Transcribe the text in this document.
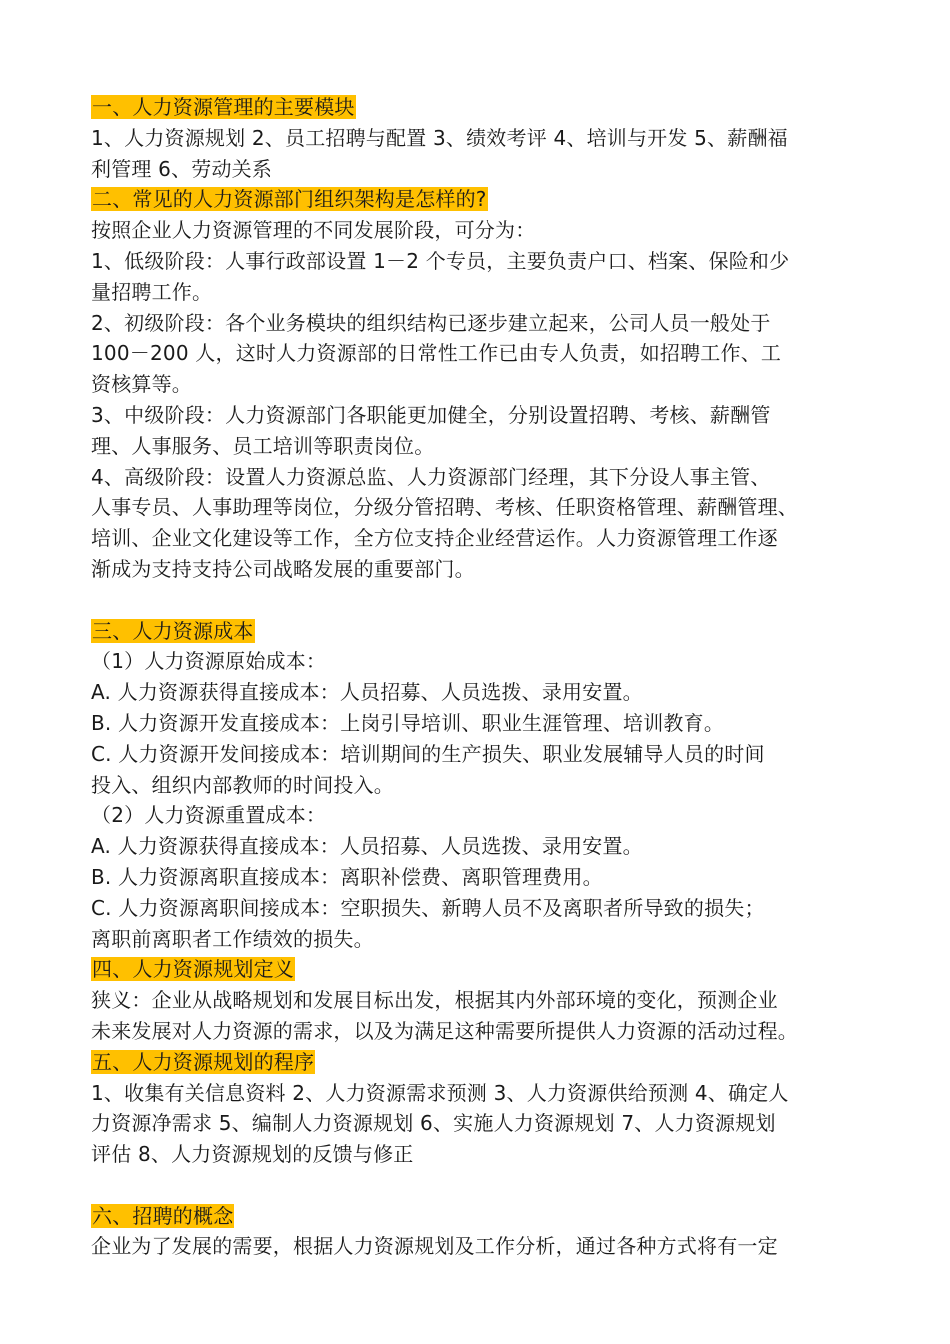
一、人力资源管理的主要模块
1、人力资源规划 2、员工招聘与配置 3、绩效考评 4、培训与开发 5、薪酬福
利管理 6、劳动关系
二、常见的人力资源部门组织架构是怎样的?
按照企业人力资源管理的不同发展阶段，可分为：
1、低级阶段：人事行政部设置 1－2 个专员，主要负责户口、档案、保险和少
量招聘工作。
2、初级阶段：各个业务模块的组织结构已逐步建立起来，公司人员一般处于
100－200 人，这时人力资源部的日常性工作已由专人负责，如招聘工作、工
资核算等。
3、中级阶段：人力资源部门各职能更加健全，分别设置招聘、考核、薪酬管
理、人事服务、员工培训等职责岗位。
4、高级阶段：设置人力资源总监、人力资源部门经理，其下分设人事主管、
人事专员、人事助理等岗位，分级分管招聘、考核、任职资格管理、薪酬管理、
培训、企业文化建设等工作，全方位支持企业经营运作。人力资源管理工作逐
渐成为支持支持公司战略发展的重要部门。
三、人力资源成本
（1）人力资源原始成本：
A. 人力资源获得直接成本：人员招募、人员选拨、录用安置。
B. 人力资源开发直接成本：上岗引导培训、职业生涯管理、培训教育。
C. 人力资源开发间接成本：培训期间的生产损失、职业发展辅导人员的时间
投入、组织内部教师的时间投入。
（2）人力资源重置成本：
A. 人力资源获得直接成本：人员招募、人员选拨、录用安置。
B. 人力资源离职直接成本：离职补偿费、离职管理费用。
C. 人力资源离职间接成本：空职损失、新聘人员不及离职者所导致的损失；
离职前离职者工作绩效的损失。
四、人力资源规划定义
狭义：企业从战略规划和发展目标出发，根据其内外部环境的变化，预测企业
未来发展对人力资源的需求，以及为满足这种需要所提供人力资源的活动过程。
五、人力资源规划的程序
1、收集有关信息资料 2、人力资源需求预测 3、人力资源供给预测 4、确定人
力资源净需求 5、编制人力资源规划 6、实施人力资源规划 7、人力资源规划
评估 8、人力资源规划的反馈与修正
六、招聘的概念
企业为了发展的需要，根据人力资源规划及工作分析，通过各种方式将有一定
